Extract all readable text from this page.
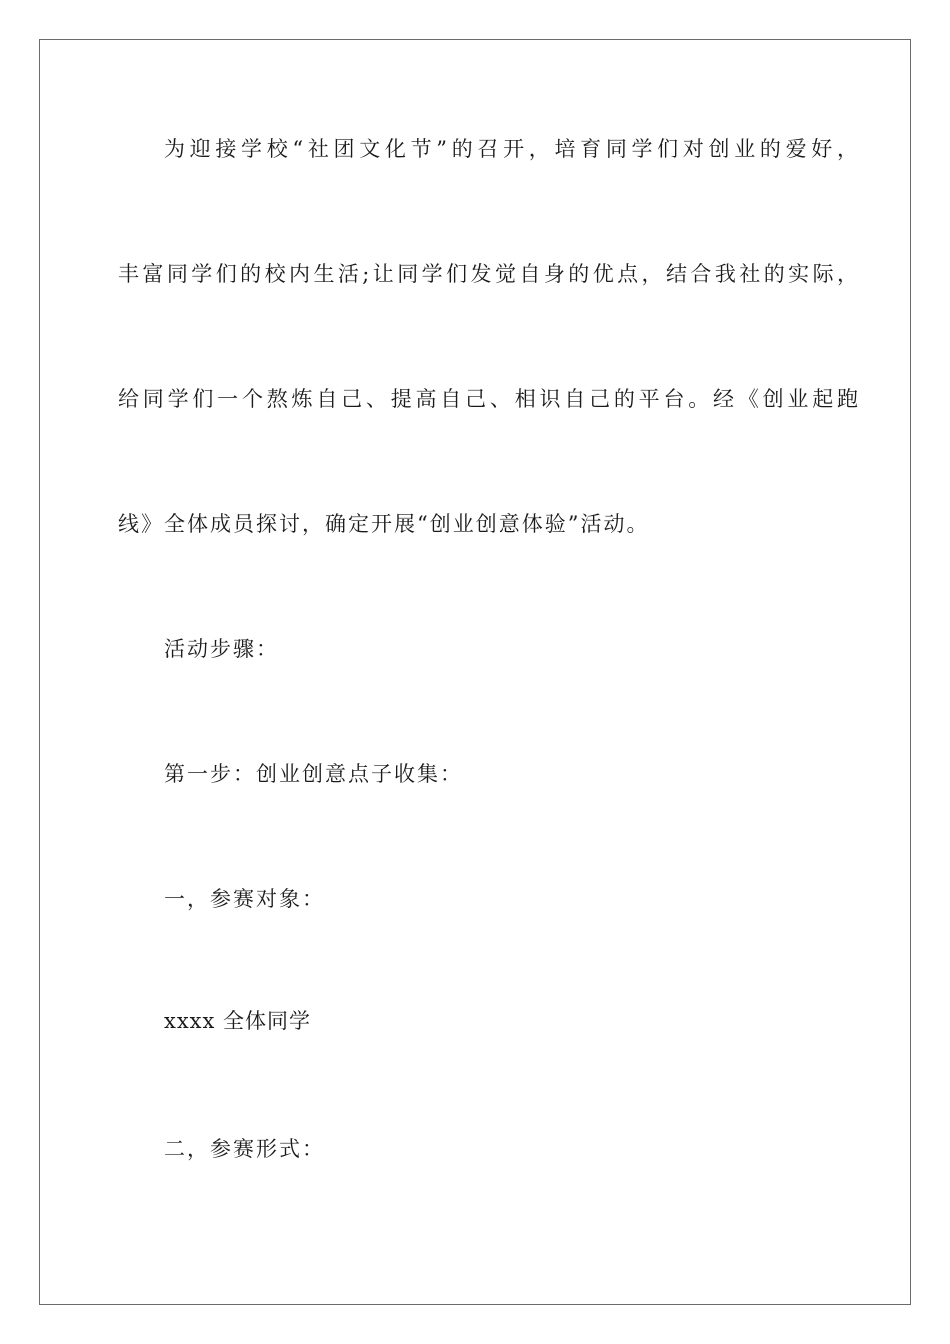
为迎接学校“社团文化节”的召开，培育同学们对创业的爱好，
丰富同学们的校内生活;让同学们发觉自身的优点，结合我社的实际，
给同学们一个熬炼自己、提高自己、相识自己的平台。经《创业起跑
线》全体成员探讨，确定开展“创业创意体验”活动。
活动步骤：
第一步：创业创意点子收集：
一，参赛对象：
xxxx 全体同学
二，参赛形式：
